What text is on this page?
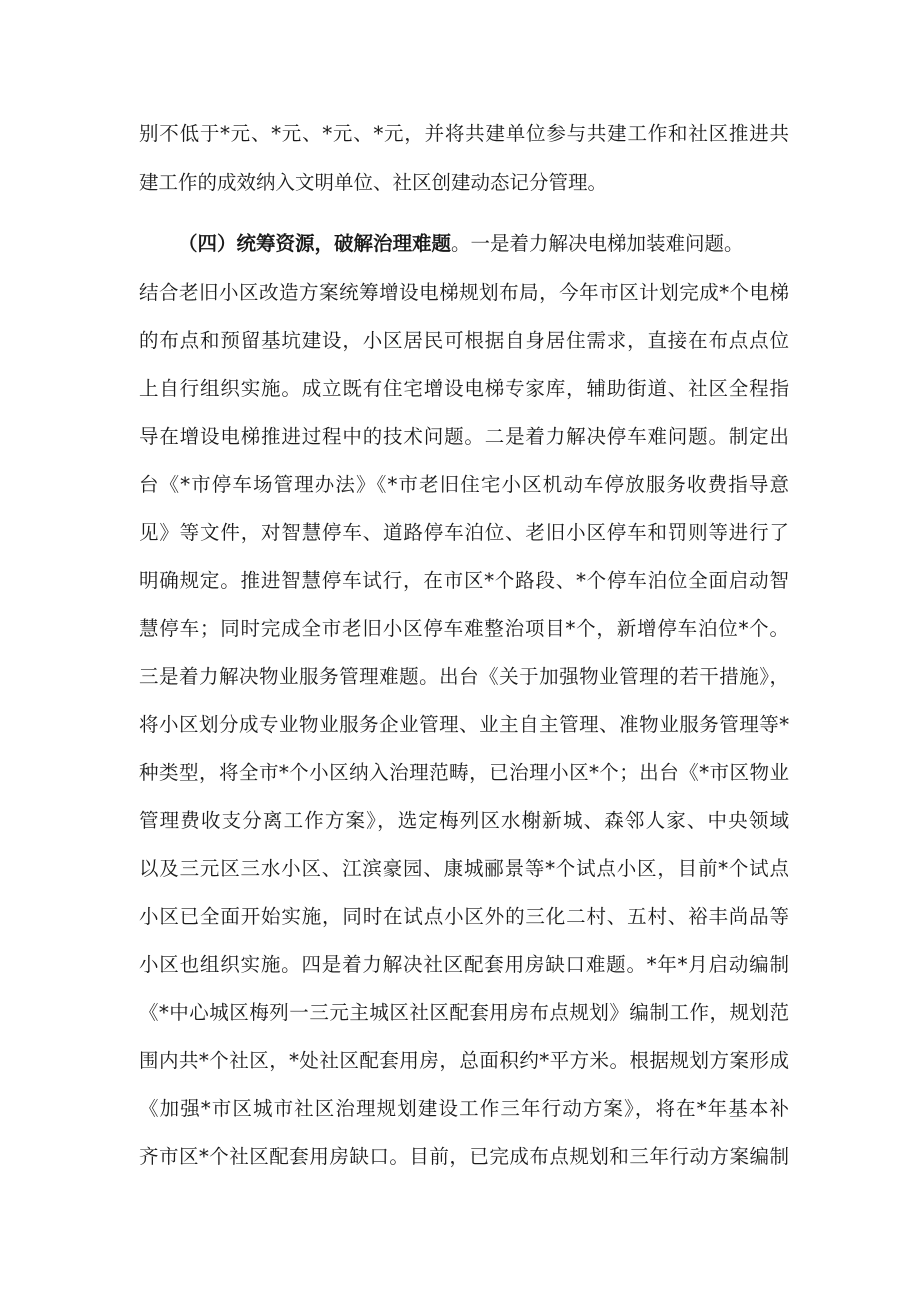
别不低于*元、*元、*元、*元，并将共建单位参与共建工作和社区推进共
建工作的成效纳入文明单位、社区创建动态记分管理。
（四）统筹资源，破解治理难题。一是着力解决电梯加装难问题。
结合老旧小区改造方案统筹增设电梯规划布局，今年市区计划完成*个电梯
的布点和预留基坑建设，小区居民可根据自身居住需求，直接在布点点位
上自行组织实施。成立既有住宅增设电梯专家库，辅助街道、社区全程指
导在增设电梯推进过程中的技术问题。二是着力解决停车难问题。制定出
台《*市停车场管理办法》《*市老旧住宅小区机动车停放服务收费指导意
见》等文件，对智慧停车、道路停车泊位、老旧小区停车和罚则等进行了
明确规定。推进智慧停车试行，在市区*个路段、*个停车泊位全面启动智
慧停车；同时完成全市老旧小区停车难整治项目*个，新增停车泊位*个。
三是着力解决物业服务管理难题。出台《关于加强物业管理的若干措施》，
将小区划分成专业物业服务企业管理、业主自主管理、准物业服务管理等*
种类型，将全市*个小区纳入治理范畴，已治理小区*个；出台《*市区物业
管理费收支分离工作方案》，选定梅列区水榭新城、森邻人家、中央领域
以及三元区三水小区、江滨豪园、康城郦景等*个试点小区，目前*个试点
小区已全面开始实施，同时在试点小区外的三化二村、五村、裕丰尚品等
小区也组织实施。四是着力解决社区配套用房缺口难题。*年*月启动编制
《*中心城区梅列一三元主城区社区配套用房布点规划》编制工作，规划范
围内共*个社区，*处社区配套用房，总面积约*平方米。根据规划方案形成
《加强*市区城市社区治理规划建设工作三年行动方案》，将在*年基本补
齐市区*个社区配套用房缺口。目前，已完成布点规划和三年行动方案编制
